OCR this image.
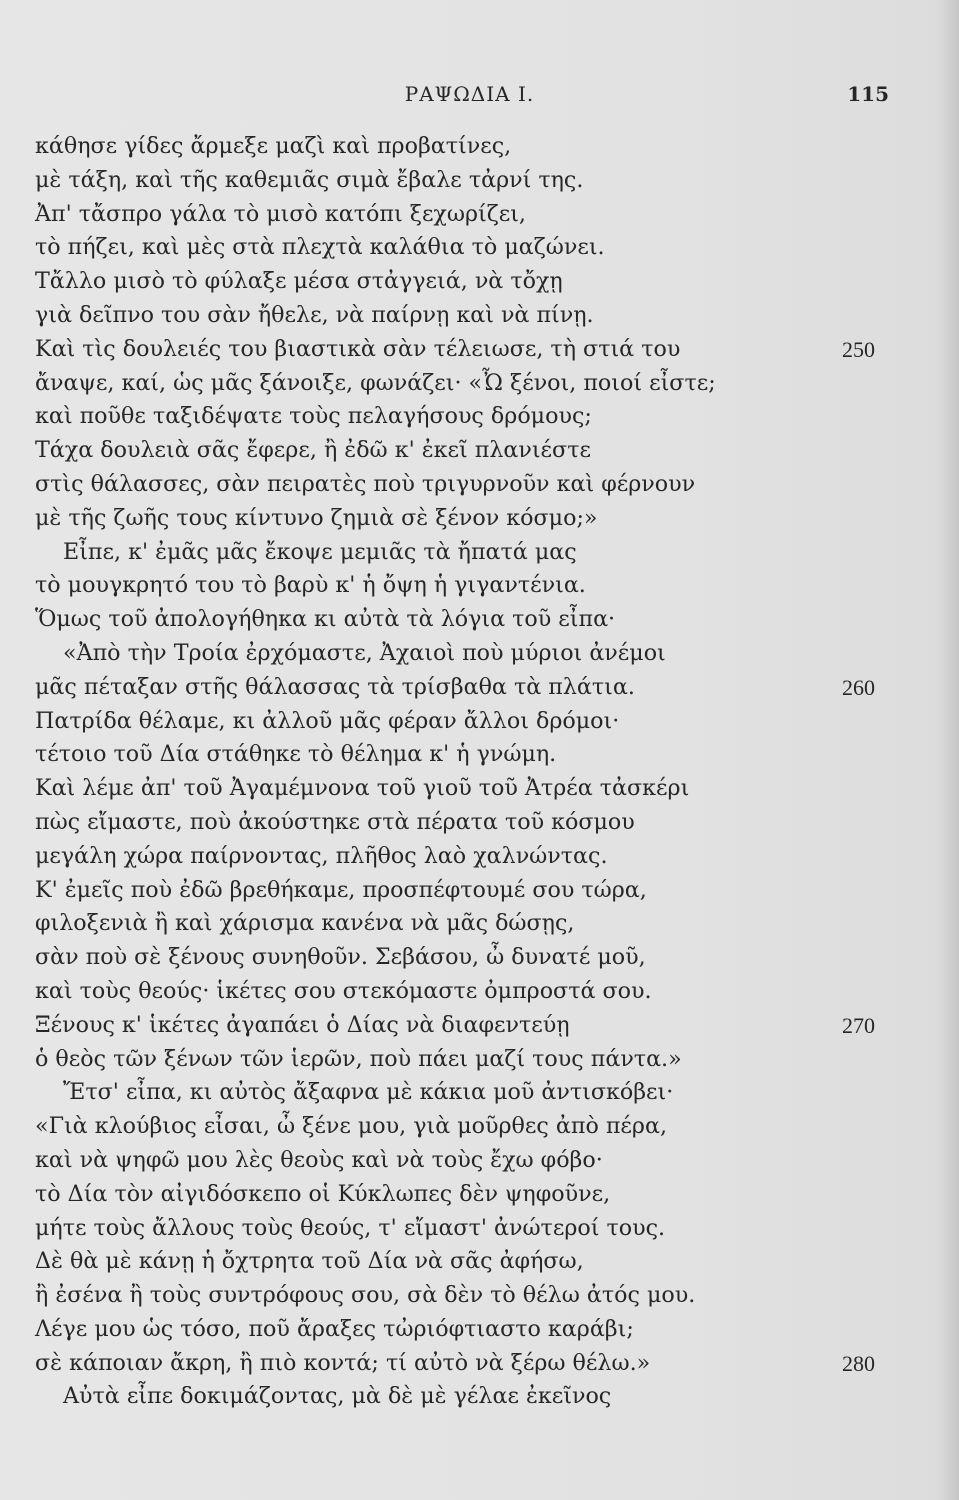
ΡΑΨΩΔΙΑ Ι.	115
κάθησε γίδες ἄρμεξε μαζὶ καὶ προβατίνες,
μὲ τάξη, καὶ τῆς καθεμιᾶς σιμὰ ἔβαλε τἀρνί της.
Ἀπ' τἄσπρο γάλα τὸ μισὸ κατόπι ξεχωρίζει,
τὸ πήζει, καὶ μὲς στὰ πλεχτὰ καλάθια τὸ μαζώνει.
Τἄλλο μισὸ τὸ φύλαξε μέσα στἀγγειά, νὰ τὄχῃ
γιὰ δεῖπνο του σὰν ἤθελε, νὰ παίρνῃ καὶ νὰ πίνῃ.
Καὶ τὶς δουλειές του βιαστικὰ σὰν τέλειωσε, τὴ στιά του	250
ἄναψε, καί, ὡς μᾶς ξάνοιξε, φωνάζει· «Ὦ ξένοι, ποιοί εἶστε;
καὶ ποῦθε ταξιδέψατε τοὺς πελαγήσους δρόμους;
Τάχα δουλειὰ σᾶς ἔφερε, ἢ ἐδῶ κ' ἐκεῖ πλανιέστε
στὶς θάλασσες, σὰν πειρατὲς ποὺ τριγυρνοῦν καὶ φέρνουν
μὲ τῆς ζωῆς τους κίντυνο ζημιὰ σὲ ξένον κόσμο;»
Εἶπε, κ' ἐμᾶς μᾶς ἔκοψε μεμιᾶς τὰ ἤπατά μας
τὸ μουγκρητό του τὸ βαρὺ κ' ἡ ὄψη ἡ γιγαντένια.
Ὅμως τοῦ ἀπολογήθηκα κι αὐτὰ τὰ λόγια τοῦ εἶπα·
«Ἀπὸ τὴν Τροία ἐρχόμαστε, Ἀχαιοὶ ποὺ μύριοι ἀνέμοι
μᾶς πέταξαν στῆς θάλασσας τὰ τρίσβαθα τὰ πλάτια.	260
Πατρίδα θέλαμε, κι ἀλλοῦ μᾶς φέραν ἄλλοι δρόμοι·
τέτοιο τοῦ Δία στάθηκε τὸ θέλημα κ' ἡ γνώμη.
Καὶ λέμε ἀπ' τοῦ Ἀγαμέμνονα τοῦ γιοῦ τοῦ Ἀτρέα τἀσκέρι
πὼς εἴμαστε, ποὺ ἀκούστηκε στὰ πέρατα τοῦ κόσμου
μεγάλη χώρα παίρνοντας, πλῆθος λαὸ χαλνώντας.
Κ' ἐμεῖς ποὺ ἐδῶ βρεθήκαμε, προσπέφτουμέ σου τώρα,
φιλοξενιὰ ἢ καὶ χάρισμα κανένα νὰ μᾶς δώσῃς,
σὰν ποὺ σὲ ξένους συνηθοῦν. Σεβάσου, ὦ δυνατέ μοῦ,
καὶ τοὺς θεούς· ἱκέτες σου στεκόμαστε ὀμπροστά σου.
Ξένους κ' ἱκέτες ἀγαπάει ὁ Δίας νὰ διαφεντεύῃ	270
ὁ θεὸς τῶν ξένων τῶν ἱερῶν, ποὺ πάει μαζί τους πάντα.»
Ἔτσ' εἶπα, κι αὐτὸς ἄξαφνα μὲ κάκια μοῦ ἀντισκόβει·
«Γιὰ κλούβιος εἶσαι, ὦ ξένε μου, γιὰ μοῦρθες ἀπὸ πέρα,
καὶ νὰ ψηφῶ μου λὲς θεοὺς καὶ νὰ τοὺς ἔχω φόβο·
τὸ Δία τὸν αἰγιδόσκεπο οἱ Κύκλωπες δὲν ψηφοῦνε,
μήτε τοὺς ἄλλους τοὺς θεούς, τ' εἴμαστ' ἀνώτεροί τους.
Δὲ θὰ μὲ κάνῃ ἡ ὄχτρητα τοῦ Δία νὰ σᾶς ἀφήσω,
ἢ ἐσένα ἢ τοὺς συντρόφους σου, σὰ δὲν τὸ θέλω ἀτός μου.
Λέγε μου ὡς τόσο, ποῦ ἄραξες τὠριόφτιαστο καράβι;
σὲ κάποιαν ἄκρη, ἢ πιὸ κοντά; τί αὐτὸ νὰ ξέρω θέλω.»	280
Αὐτὰ εἶπε δοκιμάζοντας, μὰ δὲ μὲ γέλαε ἐκεῖνος
